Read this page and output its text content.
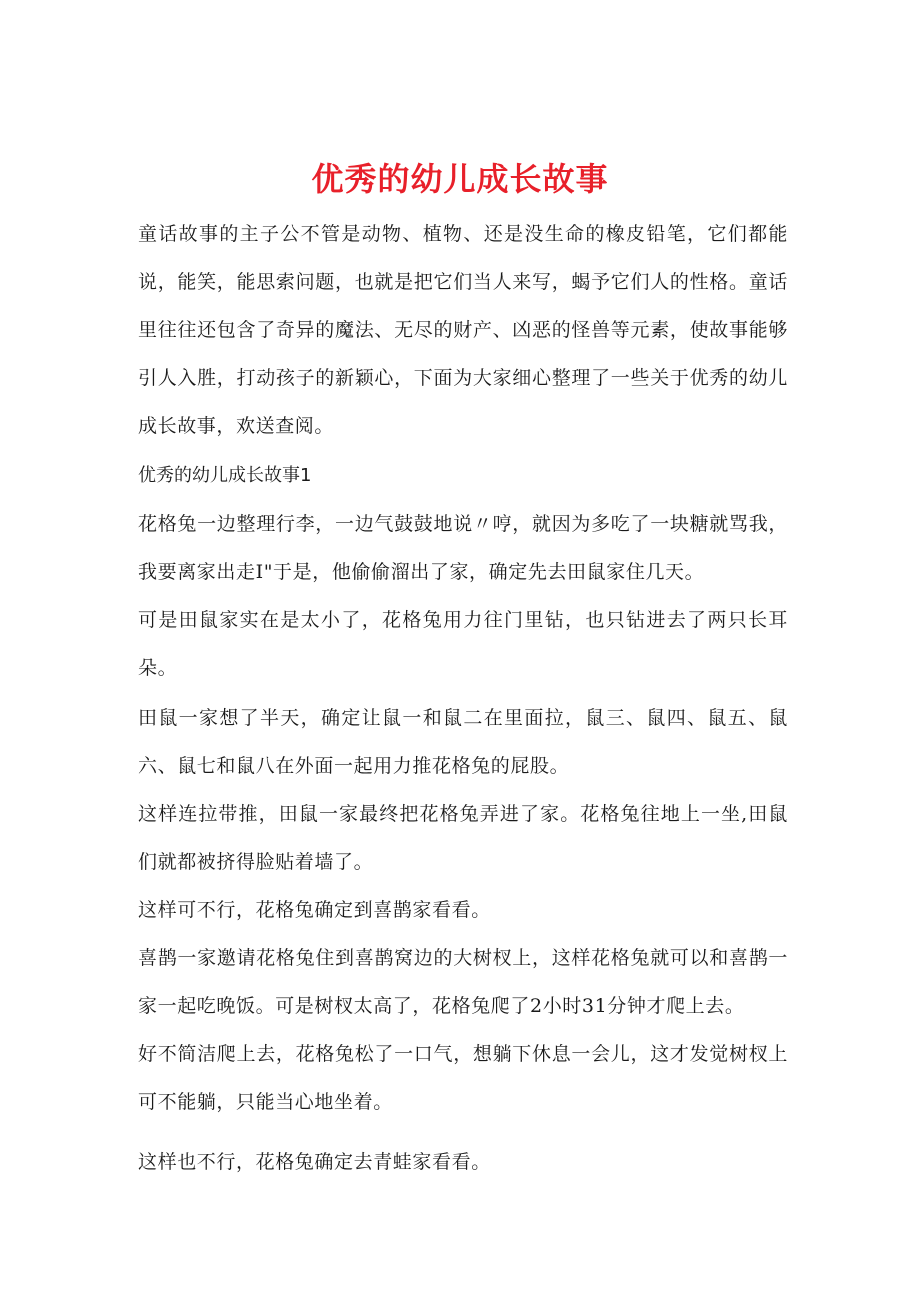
优秀的幼儿成长故事

童话故事的主子公不管是动物、植物、还是没生命的橡皮铅笔，它们都能说，能笑，能思索问题，也就是把它们当人来写，蝎予它们人的性格。童话里往往还包含了奇异的魔法、无尽的财产、凶恶的怪兽等元素，使故事能够引人入胜，打动孩子的新颖心，下面为大家细心整理了一些关于优秀的幼儿成长故事，欢送查阅。

优秀的幼儿成长故事1

花格兔一边整理行李，一边气鼓鼓地说〃哼，就因为多吃了一块糖就骂我，我要离家出走I"于是，他偷偷溜出了家，确定先去田鼠家住几天。

可是田鼠家实在是太小了，花格兔用力往门里钻，也只钻进去了两只长耳朵。

田鼠一家想了半天，确定让鼠一和鼠二在里面拉，鼠三、鼠四、鼠五、鼠六、鼠七和鼠八在外面一起用力推花格兔的屁股。

这样连拉带推，田鼠一家最终把花格兔弄进了家。花格兔往地上一坐,田鼠们就都被挤得脸贴着墙了。

这样可不行，花格兔确定到喜鹊家看看。

喜鹊一家邀请花格兔住到喜鹊窝边的大树杈上，这样花格兔就可以和喜鹊一家一起吃晚饭。可是树杈太高了，花格兔爬了2小时31分钟才爬上去。

好不简洁爬上去，花格兔松了一口气，想躺下休息一会儿，这才发觉树杈上可不能躺，只能当心地坐着。

这样也不行，花格兔确定去青蛙家看看。
